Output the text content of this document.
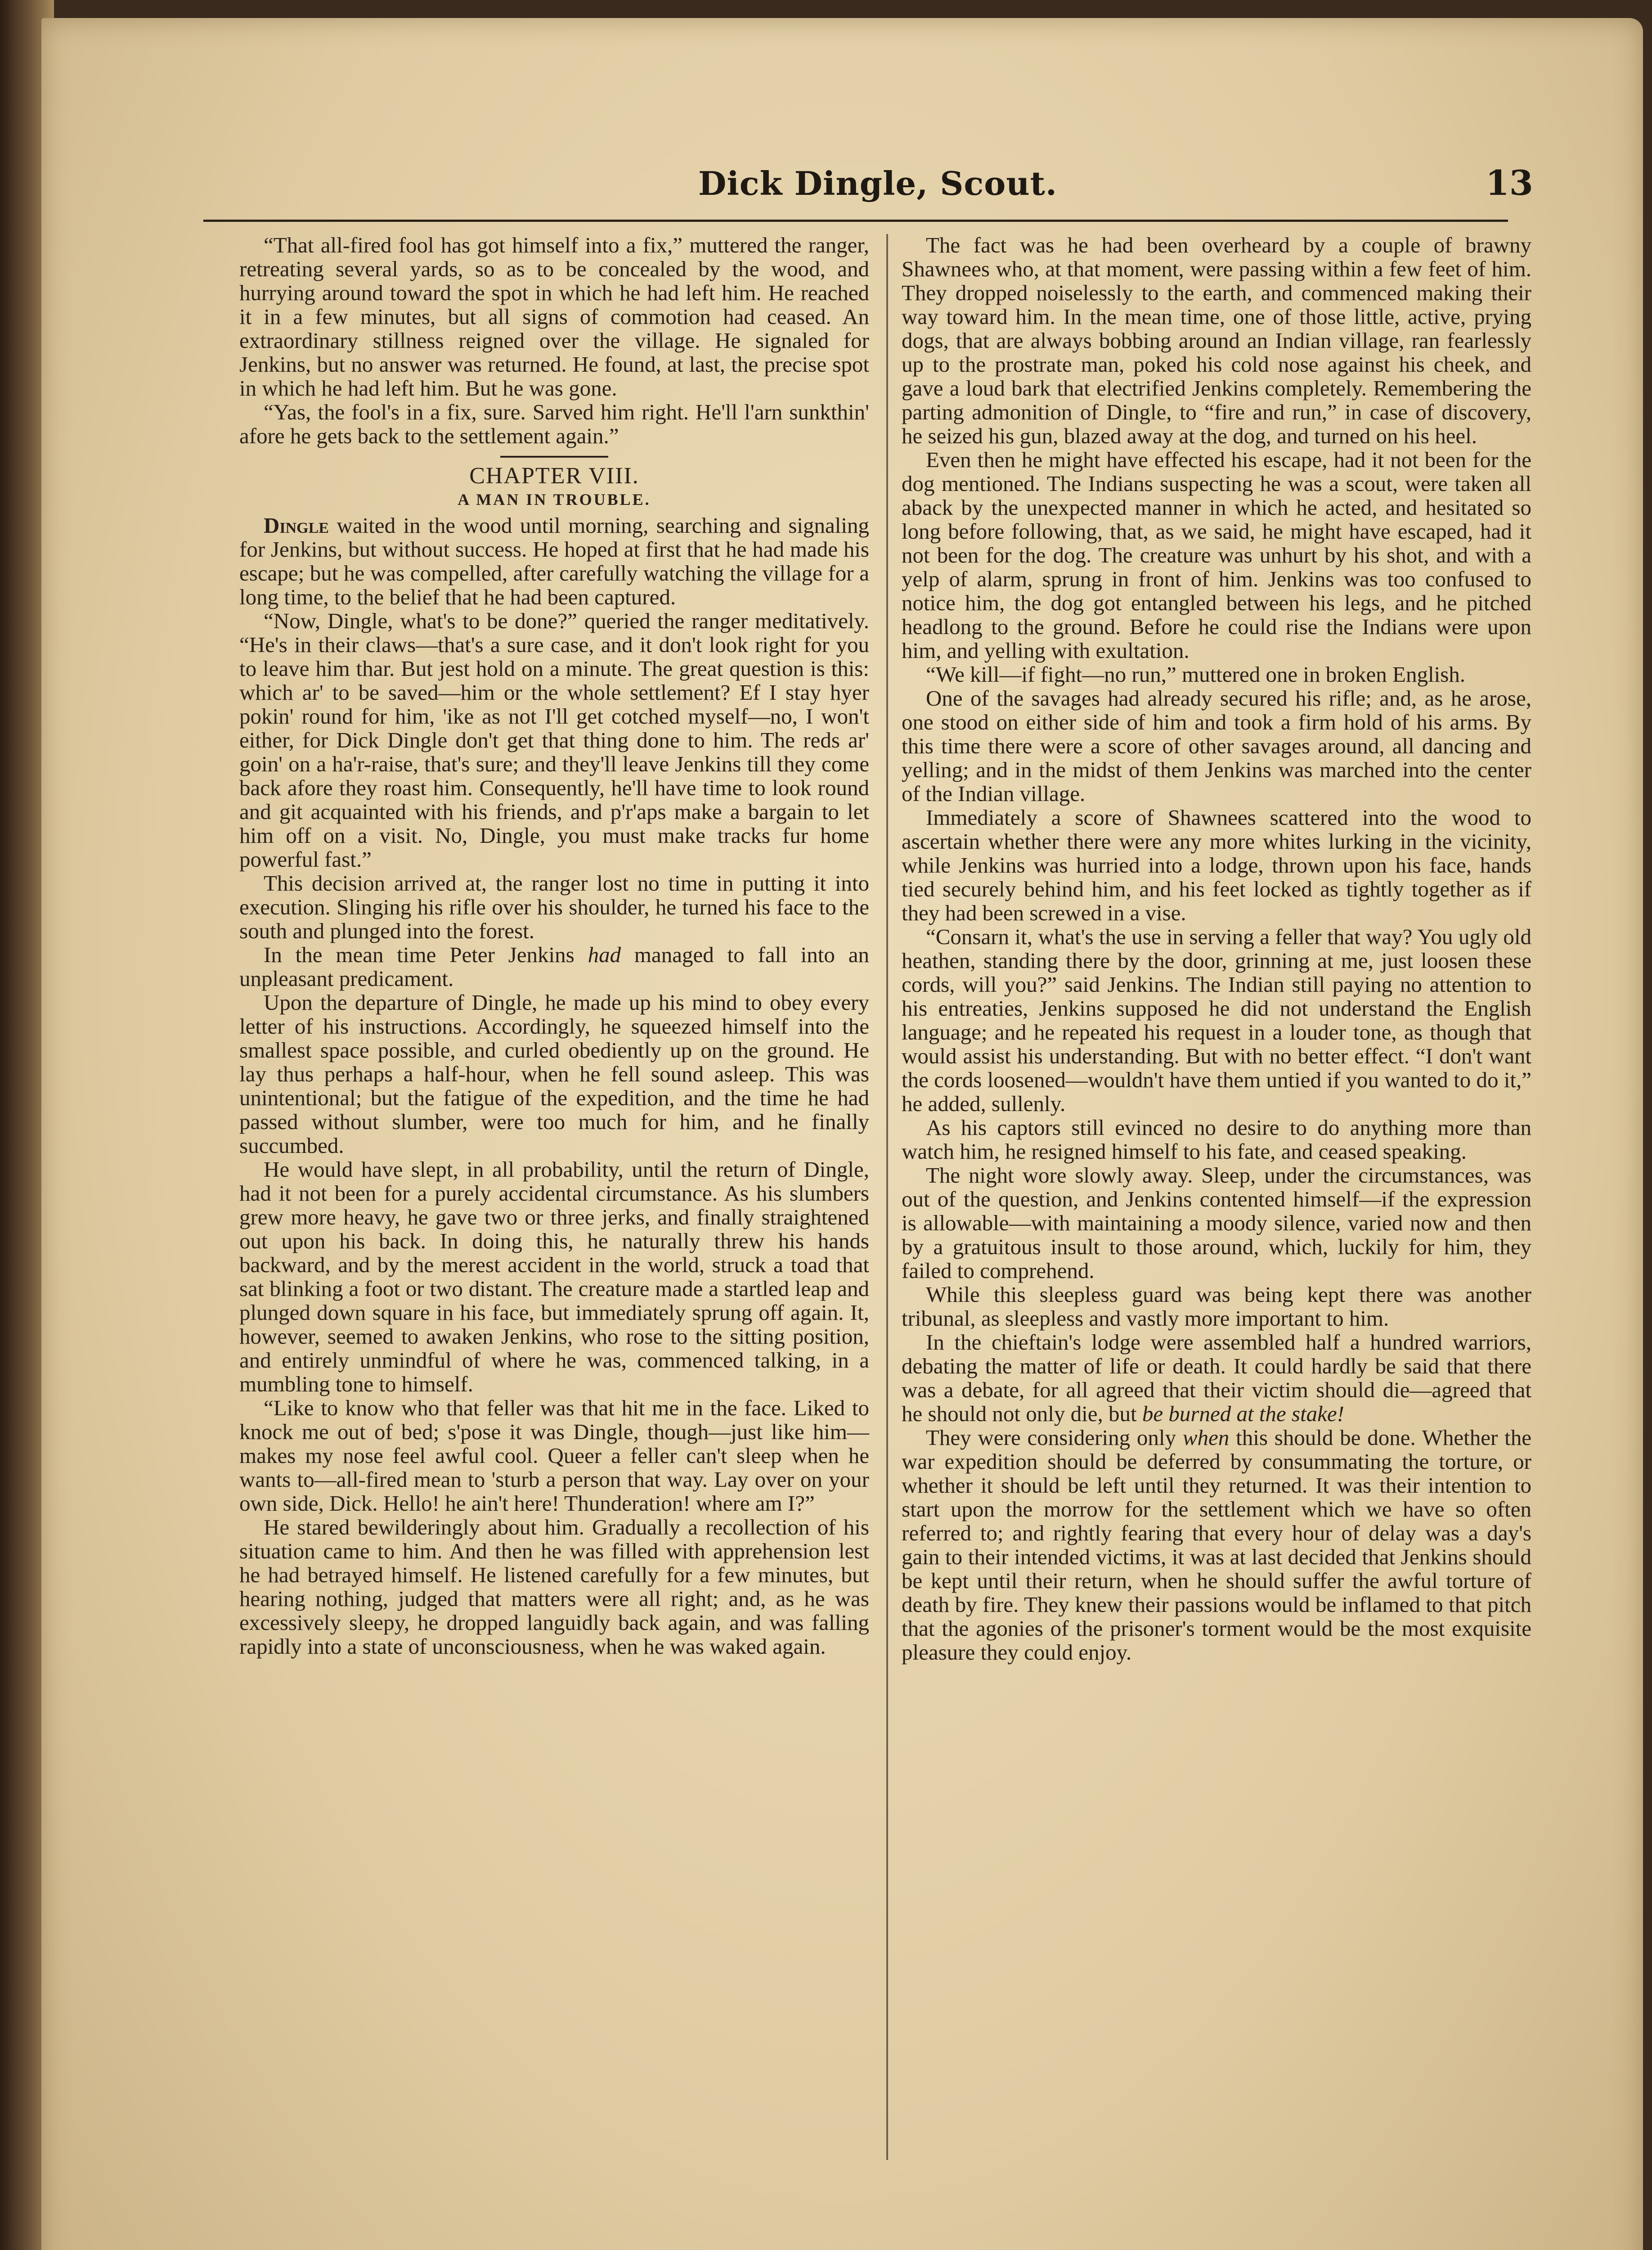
Dick Dingle, Scout.	13

“That all-fired fool has got himself into a fix,” muttered the ranger, retreating several yards, so as to be concealed by the wood, and hurrying around toward the spot in which he had left him. He reached it in a few minutes, but all signs of commotion had ceased. An extraordinary stillness reigned over the village. He signaled for Jenkins, but no answer was returned. He found, at last, the precise spot in which he had left him. But he was gone.

“Yas, the fool's in a fix, sure. Sarved him right. He'll l'arn sunkthin' afore he gets back to the settlement again.”

CHAPTER VIII.

A MAN IN TROUBLE.

Dingle waited in the wood until morning, searching and signaling for Jenkins, but without success. He hoped at first that he had made his escape; but he was compelled, after carefully watching the village for a long time, to the belief that he had been captured.

“Now, Dingle, what's to be done?” queried the ranger meditatively. “He's in their claws—that's a sure case, and it don't look right for you to leave him thar. But jest hold on a minute. The great question is this: which ar' to be saved—him or the whole settlement? Ef I stay hyer pokin' round for him, 'ike as not I'll get cotched myself—no, I won't either, for Dick Dingle don't get that thing done to him. The reds ar' goin' on a ha'r-raise, that's sure; and they'll leave Jenkins till they come back afore they roast him. Consequently, he'll have time to look round and git acquainted with his friends, and p'r'aps make a bargain to let him off on a visit. No, Dingle, you must make tracks fur home powerful fast.”

This decision arrived at, the ranger lost no time in putting it into execution. Slinging his rifle over his shoulder, he turned his face to the south and plunged into the forest.

In the mean time Peter Jenkins had managed to fall into an unpleasant predicament.

Upon the departure of Dingle, he made up his mind to obey every letter of his instructions. Accordingly, he squeezed himself into the smallest space possible, and curled obediently up on the ground. He lay thus perhaps a half-hour, when he fell sound asleep. This was unintentional; but the fatigue of the expedition, and the time he had passed without slumber, were too much for him, and he finally succumbed.

He would have slept, in all probability, until the return of Dingle, had it not been for a purely accidental circumstance. As his slumbers grew more heavy, he gave two or three jerks, and finally straightened out upon his back. In doing this, he naturally threw his hands backward, and by the merest accident in the world, struck a toad that sat blinking a foot or two distant. The creature made a startled leap and plunged down square in his face, but immediately sprung off again. It, however, seemed to awaken Jenkins, who rose to the sitting position, and entirely unmindful of where he was, commenced talking, in a mumbling tone to himself.

“Like to know who that feller was that hit me in the face. Liked to knock me out of bed; s'pose it was Dingle, though—just like him—makes my nose feel awful cool. Queer a feller can't sleep when he wants to—all-fired mean to 'sturb a person that way. Lay over on your own side, Dick. Hello! he ain't here! Thunderation! where am I?”

He stared bewilderingly about him. Gradually a recollection of his situation came to him. And then he was filled with apprehension lest he had betrayed himself. He listened carefully for a few minutes, but hearing nothing, judged that matters were all right; and, as he was excessively sleepy, he dropped languidly back again, and was falling rapidly into a state of unconsciousness, when he was waked again.

The fact was he had been overheard by a couple of brawny Shawnees who, at that moment, were passing within a few feet of him. They dropped noiselessly to the earth, and commenced making their way toward him. In the mean time, one of those little, active, prying dogs, that are always bobbing around an Indian village, ran fearlessly up to the prostrate man, poked his cold nose against his cheek, and gave a loud bark that electrified Jenkins completely. Remembering the parting admonition of Dingle, to “fire and run,” in case of discovery, he seized his gun, blazed away at the dog, and turned on his heel.

Even then he might have effected his escape, had it not been for the dog mentioned. The Indians suspecting he was a scout, were taken all aback by the unexpected manner in which he acted, and hesitated so long before following, that, as we said, he might have escaped, had it not been for the dog. The creature was unhurt by his shot, and with a yelp of alarm, sprung in front of him. Jenkins was too confused to notice him, the dog got entangled between his legs, and he pitched headlong to the ground. Before he could rise the Indians were upon him, and yelling with exultation.

“We kill—if fight—no run,” muttered one in broken English.

One of the savages had already secured his rifle; and, as he arose, one stood on either side of him and took a firm hold of his arms. By this time there were a score of other savages around, all dancing and yelling; and in the midst of them Jenkins was marched into the center of the Indian village.

Immediately a score of Shawnees scattered into the wood to ascertain whether there were any more whites lurking in the vicinity, while Jenkins was hurried into a lodge, thrown upon his face, hands tied securely behind him, and his feet locked as tightly together as if they had been screwed in a vise.

“Consarn it, what's the use in serving a feller that way? You ugly old heathen, standing there by the door, grinning at me, just loosen these cords, will you?” said Jenkins. The Indian still paying no attention to his entreaties, Jenkins supposed he did not understand the English language; and he repeated his request in a louder tone, as though that would assist his understanding. But with no better effect. “I don't want the cords loosened—wouldn't have them untied if you wanted to do it,” he added, sullenly.

As his captors still evinced no desire to do anything more than watch him, he resigned himself to his fate, and ceased speaking.

The night wore slowly away. Sleep, under the circumstances, was out of the question, and Jenkins contented himself—if the expression is allowable—with maintaining a moody silence, varied now and then by a gratuitous insult to those around, which, luckily for him, they failed to comprehend.

While this sleepless guard was being kept there was another tribunal, as sleepless and vastly more important to him.

In the chieftain's lodge were assembled half a hundred warriors, debating the matter of life or death. It could hardly be said that there was a debate, for all agreed that their victim should die—agreed that he should not only die, but be burned at the stake!

They were considering only when this should be done. Whether the war expedition should be deferred by consummating the torture, or whether it should be left until they returned. It was their intention to start upon the morrow for the settlement which we have so often referred to; and rightly fearing that every hour of delay was a day's gain to their intended victims, it was at last decided that Jenkins should be kept until their return, when he should suffer the awful torture of death by fire. They knew their passions would be inflamed to that pitch that the agonies of the prisoner's torment would be the most exquisite pleasure they could enjoy.
